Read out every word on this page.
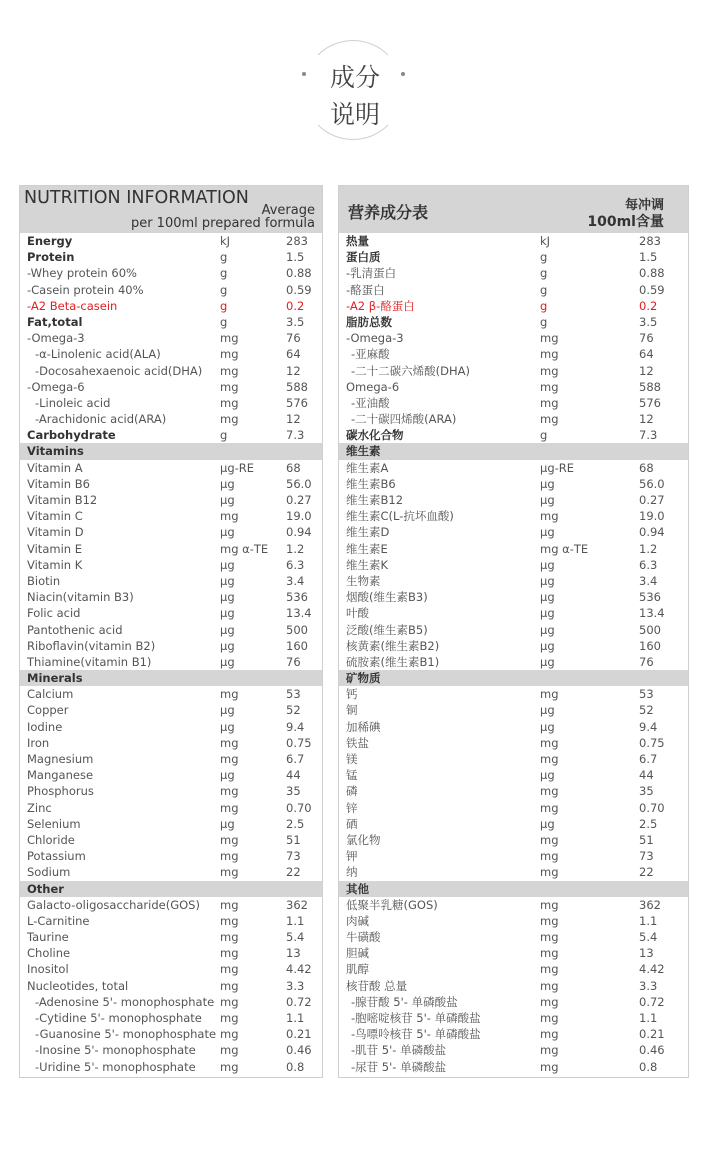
成分
说明
NUTRITION INFORMATION
Average
per 100ml prepared formula
Energy	kJ	283
Protein	g	1.5
-Whey protein 60%	g	0.88
-Casein protein 40%	g	0.59
-A2 Beta-casein	g	0.2
Fat,total	g	3.5
-Omega-3	mg	76
-α-Linolenic acid(ALA)	mg	64
-Docosahexaenoic acid(DHA) mg	12
-Omega-6	mg	588
-Linoleic acid	mg	576
-Arachidonic acid(ARA)	mg	12
Carbohydrate	g	7.3
Vitamins
Vitamin A	μg-RE	68
Vitamin B6	μg	56.0
Vitamin B12	μg	0.27
Vitamin C	mg	19.0
Vitamin D	μg	0.94
Vitamin E	mg α-TE 1.2
Vitamin K	μg	6.3
Biotin	μg	3.4
Niacin(vitamin B3)	μg	536
Folic acid	μg	13.4
Pantothenic acid	μg	500
Riboflavin(vitamin B2)	μg	160
Thiamine(vitamin B1)	μg	76
Minerals
Calcium	mg	53
Copper	μg	52
Iodine	μg	9.4
Iron	mg	0.75
Magnesium	mg	6.7
Manganese	μg	44
Phosphorus	mg	35
Zinc	mg	0.70
Selenium	μg	2.5
Chloride	mg	51
Potassium	mg	73
Sodium	mg	22
Other
Galacto-oligosaccharide(GOS) mg	362
L-Carnitine	mg	1.1
Taurine	mg	5.4
Choline	mg	13
Inositol	mg	4.42
Nucleotides, total	mg	3.3
-Adenosine 5'- monophosphate mg	0.72
-Cytidine 5'- monophosphate mg	1.1
-Guanosine 5'- monophosphate mg	0.21
-Inosine 5'- monophosphate mg	0.46
-Uridine 5'- monophosphate mg	0.8
营养成分表	每冲调
100ml含量
热量	kJ	283
蛋白质	g	1.5
-乳清蛋白	g	0.88
-酪蛋白	g	0.59
-A2 β-酪蛋白	g	0.2
脂肪总数	g	3.5
-Omega-3	mg	76
-亚麻酸	mg	64
-二十二碳六烯酸(DHA)	mg	12
Omega-6	mg	588
-亚油酸	mg	576
-二十碳四烯酸(ARA)	mg	12
碳水化合物	g	7.3
维生素
维生素A	μg-RE	68
维生素B6	μg	56.0
维生素B12	μg	0.27
维生素C(L-抗坏血酸)	mg	19.0
维生素D	μg	0.94
维生素E	mg α-TE	1.2
维生素K	μg	6.3
生物素	μg	3.4
烟酸(维生素B3)	μg	536
叶酸	μg	13.4
泛酸(维生素B5)	μg	500
核黄素(维生素B2)	μg	160
硫胺素(维生素B1)	μg	76
矿物质
钙	mg	53
铜	μg	52
加稀碘	μg	9.4
铁盐	mg	0.75
镁	mg	6.7
锰	μg	44
磷	mg	35
锌	mg	0.70
硒	μg	2.5
氯化物	mg	51
钾	mg	73
纳	mg	22
其他
低聚半乳糖(GOS)	mg	362
肉碱	mg	1.1
牛磺酸	mg	5.4
胆碱	mg	13
肌醇	mg	4.42
核苷酸 总量	mg	3.3
-腺苷酸 5'- 单磷酸盐	mg	0.72
-胞嘧啶核苷 5'- 单磷酸盐	mg	1.1
-鸟嘌呤核苷 5'- 单磷酸盐	mg	0.21
-肌苷 5'- 单磷酸盐	mg	0.46
-尿苷 5'- 单磷酸盐	mg	0.8
